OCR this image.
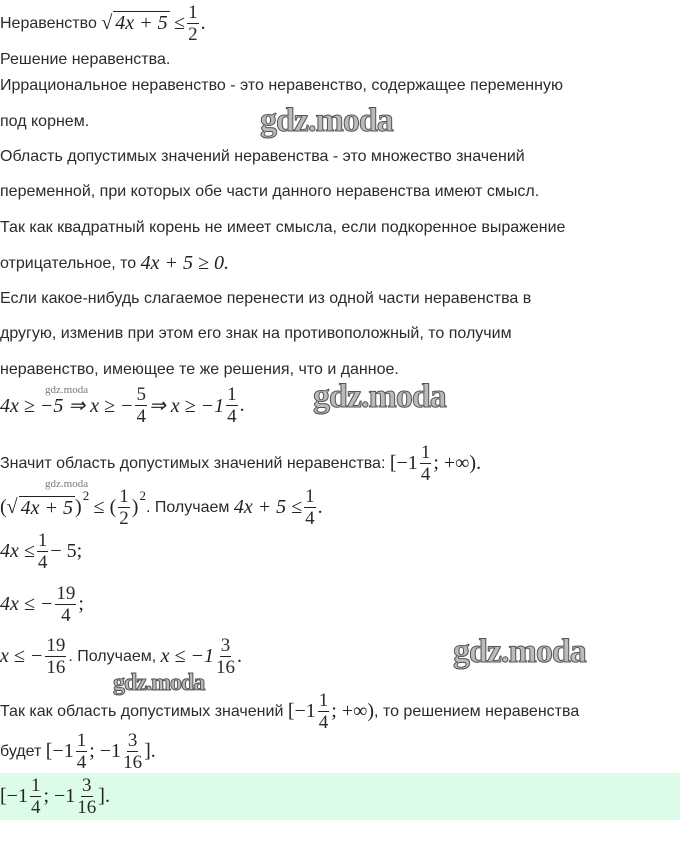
Неравенство
√ 4x + 5
≤ $\frac{1}{2}$ .
Решение неравенства.
Иррациональное неравенство - это неравенство, содержащее переменную
под корнем.	gdz.moda
Область допустимых значений неравенства - это множество значений
переменной, при которых обе части данного неравенства имеют смысл.
Так как квадратный корень не имеет смысла, если подкоренное выражение
отрицательное, то
4x + 5 ≥ 0.
Если какое-нибудь слагаемое перенести из одной части неравенства в
другую, изменив при этом его знак на противоположный, то получим
неравенство, имеющее те же решения, что и данное.
gdz.moda
4x ≥ −5 ⇒ x ≥ − $\frac{5}{4}$ ⇒ $x \ge -1 \frac{1}{4}$ . gdz.moda
Значит область допустимых значений неравенства:
[$-1 \frac{1}{4}$ ; +∞).
gdz.moda
(√ 4x + 5 )
2

≤ ( $\frac{1}{2}$ )
2
. Получаем
$4x + 5 \le \frac{1}{4}$ .
$4x \le \frac{1}{4} - 5$;
4x ≤ − $\frac{19}{4}$ ;
x ≤ − $\frac{19}{16}$ . Получаем,
$x \le -1 \frac{3}{16}$ .	gdz.moda
gdz.moda
Так как область допустимых значений
[$-1 \frac{1}{4}$ ; +∞) , то решением неравенства
будет
[$-1 \frac{1}{4}$ ; $-1 \frac{3}{16}$ ].
[$-1 \frac{1}{4}$ ; $-1 \frac{3}{16}$ ].
